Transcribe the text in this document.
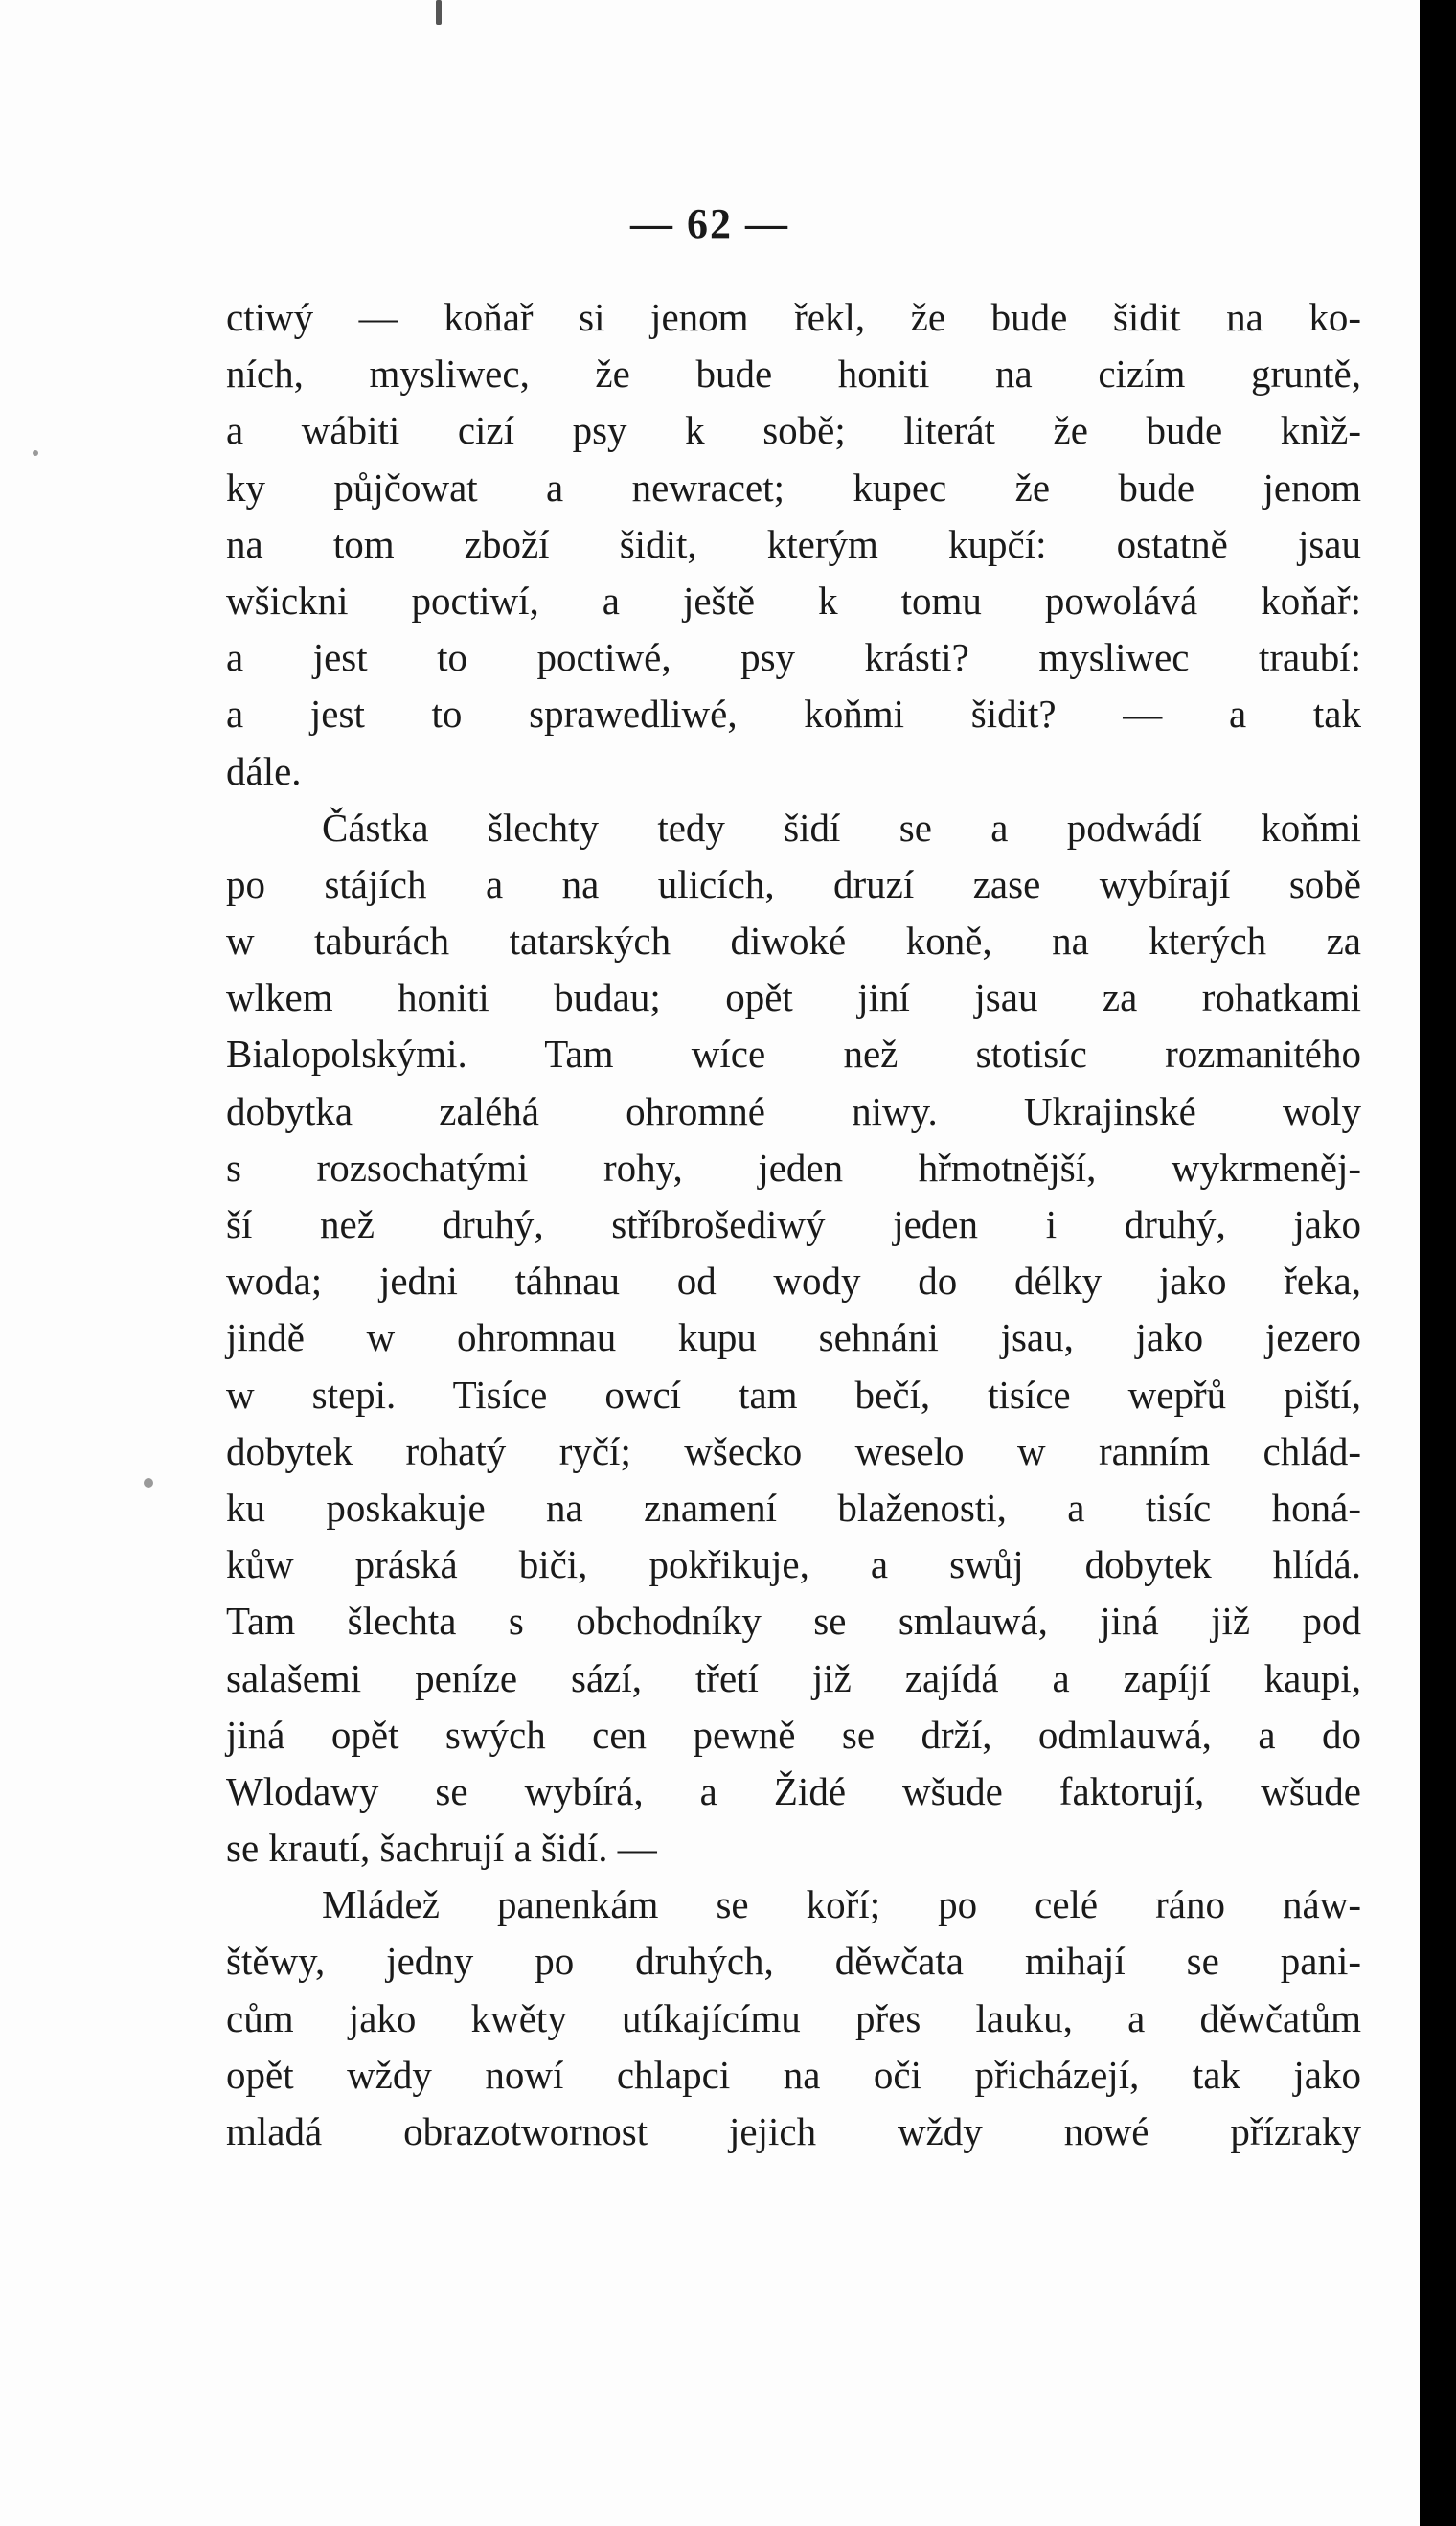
— 62 —
ctiwý — koňař si jenom řekl, že bude šidit na ko-
ních, mysliwec, že bude honiti na cizím gruntě,
a wábiti cizí psy k sobě; literát že bude knìž-
ky půjčowat a newracet; kupec že bude jenom
na tom zboží šidit, kterým kupčí: ostatně jsau
wšickni poctiwí, a ještě k tomu powolává koňař:
a jest to poctiwé, psy krásti? mysliwec traubí:
a jest to sprawedliwé, koňmi šidit? — a tak
dále.
Částka šlechty tedy šidí se a podwádí koňmi
po stájích a na ulicích, druzí zase wybírají sobě
w taburách tatarských diwoké koně, na kterých za
wlkem honiti budau; opět jiní jsau za rohatkami
Bialopolskými. Tam wíce než stotisíc rozmanitého
dobytka zaléhá ohromné niwy. Ukrajinské woly
s rozsochatými rohy, jeden hřmotnější, wykrmeněj-
ší než druhý, stříbrošediwý jeden i druhý, jako
woda; jedni táhnau od wody do délky jako řeka,
jindě w ohromnau kupu sehnáni jsau, jako jezero
w stepi. Tisíce owcí tam bečí, tisíce wepřů piští,
dobytek rohatý ryčí; wšecko weselo w ranním chlád-
ku poskakuje na znamení blaženosti, a tisíc honá-
kůw práská biči, pokřikuje, a swůj dobytek hlídá.
Tam šlechta s obchodníky se smlauwá, jiná již pod
salašemi peníze sází, třetí již zajídá a zapíjí kaupi,
jiná opět swých cen pewně se drží, odmlauwá, a do
Wlodawy se wybírá, a Židé wšude faktorují, wšude
se krautí, šachrují a šidí. —
Mládež panenkám se koří; po celé ráno náw-
štěwy, jedny po druhých, děwčata mihají se pani-
cům jako kwěty utíkajícímu přes lauku, a děwčatům
opět wždy nowí chlapci na oči přicházejí, tak jako
mladá obrazotwornost jejich wždy nowé přízraky
